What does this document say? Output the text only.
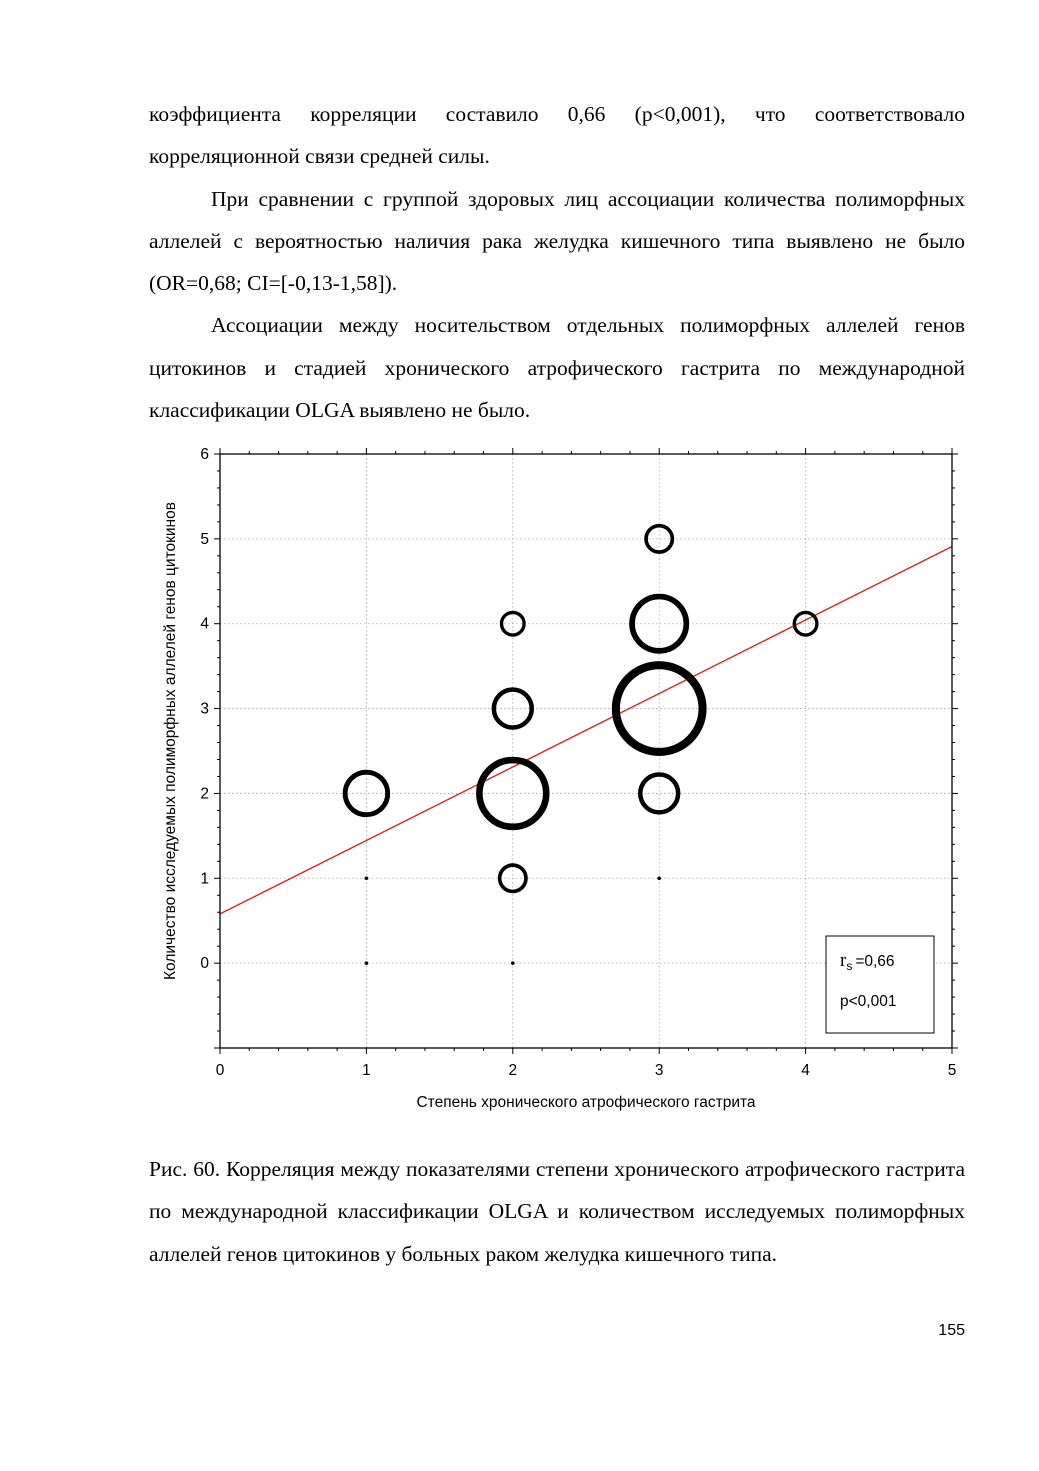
коэффициента корреляции составило 0,66 (р<0,001), что соответствовало корреляционной связи средней силы.

При сравнении с группой здоровых лиц ассоциации количества полиморфных аллелей с вероятностью наличия рака желудка кишечного типа выявлено не было (OR=0,68; CI=[-0,13-1,58]).

Ассоциации между носительством отдельных полиморфных аллелей генов цитокинов и стадией хронического атрофического гастрита по международной классификации OLGA выявлено не было.

0	1	2	3	4	5
0
1
2
3
4
5
6
Степень хронического атрофического гастрита
Количество исследуемых полиморфных аллелей генов цитокинов	$r_s =0,66$
p<0,001

Рис. 60. Корреляция между показателями степени хронического атрофического гастрита по международной классификации OLGA и количеством исследуемых полиморфных аллелей генов цитокинов у больных раком желудка кишечного типа.

155
